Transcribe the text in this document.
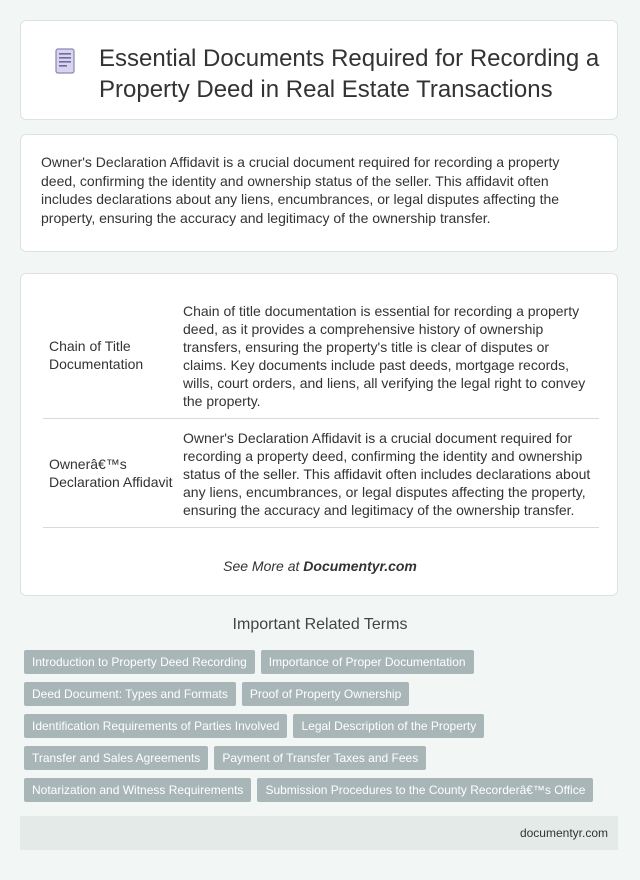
Essential Documents Required for Recording a Property Deed in Real Estate Transactions

Owner's Declaration Affidavit is a crucial document required for recording a property deed, confirming the identity and ownership status of the seller. This affidavit often includes declarations about any liens, encumbrances, or legal disputes affecting the property, ensuring the accuracy and legitimacy of the ownership transfer.

Chain of Title Documentation	Chain of title documentation is essential for recording a property deed, as it provides a comprehensive history of ownership transfers, ensuring the property's title is clear of disputes or claims. Key documents include past deeds, mortgage records, wills, court orders, and liens, all verifying the legal right to convey the property.
Ownerâ€™s Declaration Affidavit	Owner's Declaration Affidavit is a crucial document required for recording a property deed, confirming the identity and ownership status of the seller. This affidavit often includes declarations about any liens, encumbrances, or legal disputes affecting the property, ensuring the accuracy and legitimacy of the ownership transfer.
See More at Documentyr.com
Important Related Terms
Introduction to Property Deed Recording Importance of Proper Documentation
Deed Document: Types and Formats Proof of Property Ownership
Identification Requirements of Parties Involved Legal Description of the Property
Transfer and Sales Agreements Payment of Transfer Taxes and Fees
Notarization and Witness Requirements Submission Procedures to the County Recorderâ€™s Office
documentyr.com
